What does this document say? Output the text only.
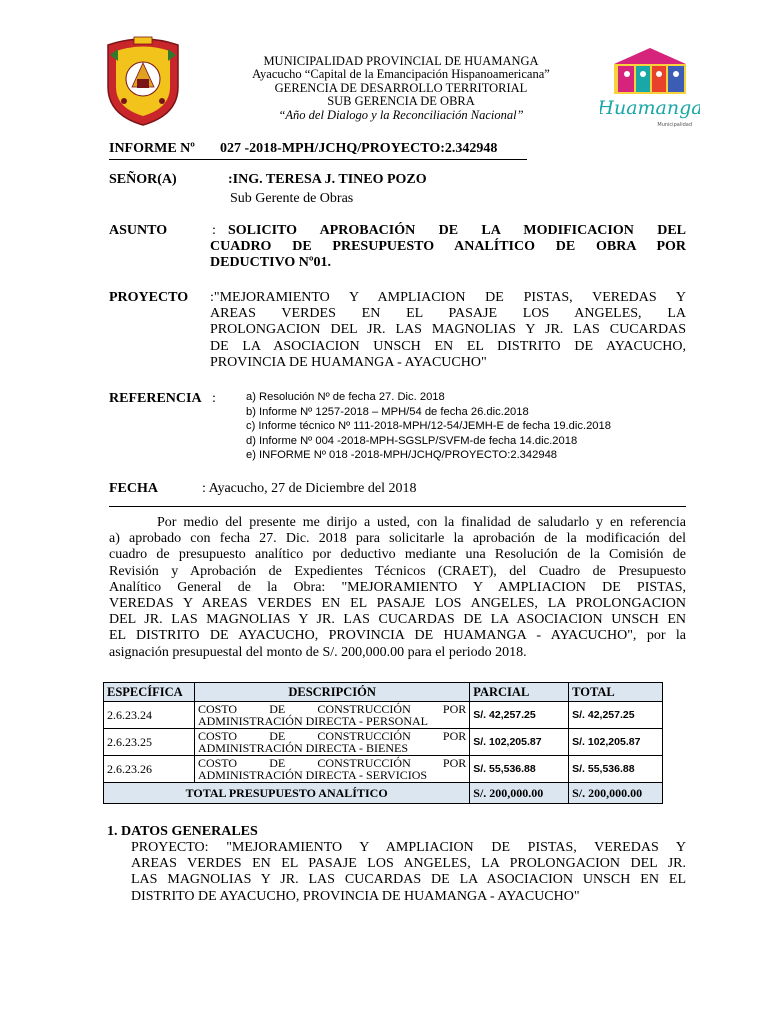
Huamanga
Municipalidad
MUNICIPALIDAD PROVINCIAL DE HUAMANGA
Ayacucho “Capital de la Emancipación Hispanoamericana”
GERENCIA DE DESARROLLO TERRITORIAL
SUB GERENCIA DE OBRA
“Año del Dialogo y la Reconciliación Nacional”
INFORME Nº 027 -2018-MPH/JCHQ/PROYECTO:2.342948
SEÑOR(A)	:ING. TERESA J. TINEO POZO
Sub Gerente de Obras
ASUNTO	: SOLICITO APROBACIÓN DE LA MODIFICACION DEL
CUADRO DE PRESUPUESTO ANALÍTICO DE OBRA POR
DEDUCTIVO Nº01.
PROYECTO :"MEJORAMIENTO Y AMPLIACION DE PISTAS, VEREDAS Y
AREAS VERDES EN EL PASAJE LOS ANGELES, LA
PROLONGACION DEL JR. LAS MAGNOLIAS Y JR. LAS CUCARDAS
DE LA ASOCIACION UNSCH EN EL DISTRITO DE AYACUCHO,
PROVINCIA DE HUAMANGA - AYACUCHO"
REFERENCIA :	a) Resolución Nº de fecha 27. Dic. 2018
b) Informe Nº 1257-2018 – MPH/54 de fecha 26.dic.2018
c) Informe técnico Nº 111-2018-MPH/12-54/JEMH-E de fecha 19.dic.2018
d) Informe Nº 004 -2018-MPH-SGSLP/SVFM-de fecha 14.dic.2018
e) INFORME Nº 018 -2018-MPH/JCHQ/PROYECTO:2.342948
FECHA	: Ayacucho, 27 de Diciembre del 2018
Por medio del presente me dirijo a usted, con la finalidad de saludarlo y en referencia
a) aprobado con fecha 27. Dic. 2018 para solicitarle la aprobación de la modificación del
cuadro de presupuesto analítico por deductivo mediante una Resolución de la Comisión de
Revisión y Aprobación de Expedientes Técnicos (CRAET), del Cuadro de Presupuesto
Analítico General de la Obra: "MEJORAMIENTO Y AMPLIACION DE PISTAS,
VEREDAS Y AREAS VERDES EN EL PASAJE LOS ANGELES, LA PROLONGACION
DEL JR. LAS MAGNOLIAS Y JR. LAS CUCARDAS DE LA ASOCIACION UNSCH EN
EL DISTRITO DE AYACUCHO, PROVINCIA DE HUAMANGA - AYACUCHO", por la
asignación presupuestal del monto de S/. 200,000.00 para el periodo 2018.
ESPECÍFICA	DESCRIPCIÓN	PARCIAL	TOTAL
2.6.23.24	COSTO DE CONSTRUCCIÓN POR
ADMINISTRACIÓN DIRECTA - PERSONAL	S/. 42,257.25	S/. 42,257.25
2.6.23.25	COSTO DE CONSTRUCCIÓN POR
ADMINISTRACIÓN DIRECTA - BIENES	S/. 102,205.87	S/. 102,205.87
2.6.23.26	COSTO DE CONSTRUCCIÓN POR
ADMINISTRACIÓN DIRECTA - SERVICIOS	S/. 55,536.88	S/. 55,536.88
TOTAL PRESUPUESTO ANALÍTICO		S/. 200,000.00	S/. 200,000.00
1. DATOS GENERALES
PROYECTO: "MEJORAMIENTO Y AMPLIACION DE PISTAS, VEREDAS Y
AREAS VERDES EN EL PASAJE LOS ANGELES, LA PROLONGACION DEL JR.
LAS MAGNOLIAS Y JR. LAS CUCARDAS DE LA ASOCIACION UNSCH EN EL
DISTRITO DE AYACUCHO, PROVINCIA DE HUAMANGA - AYACUCHO"
